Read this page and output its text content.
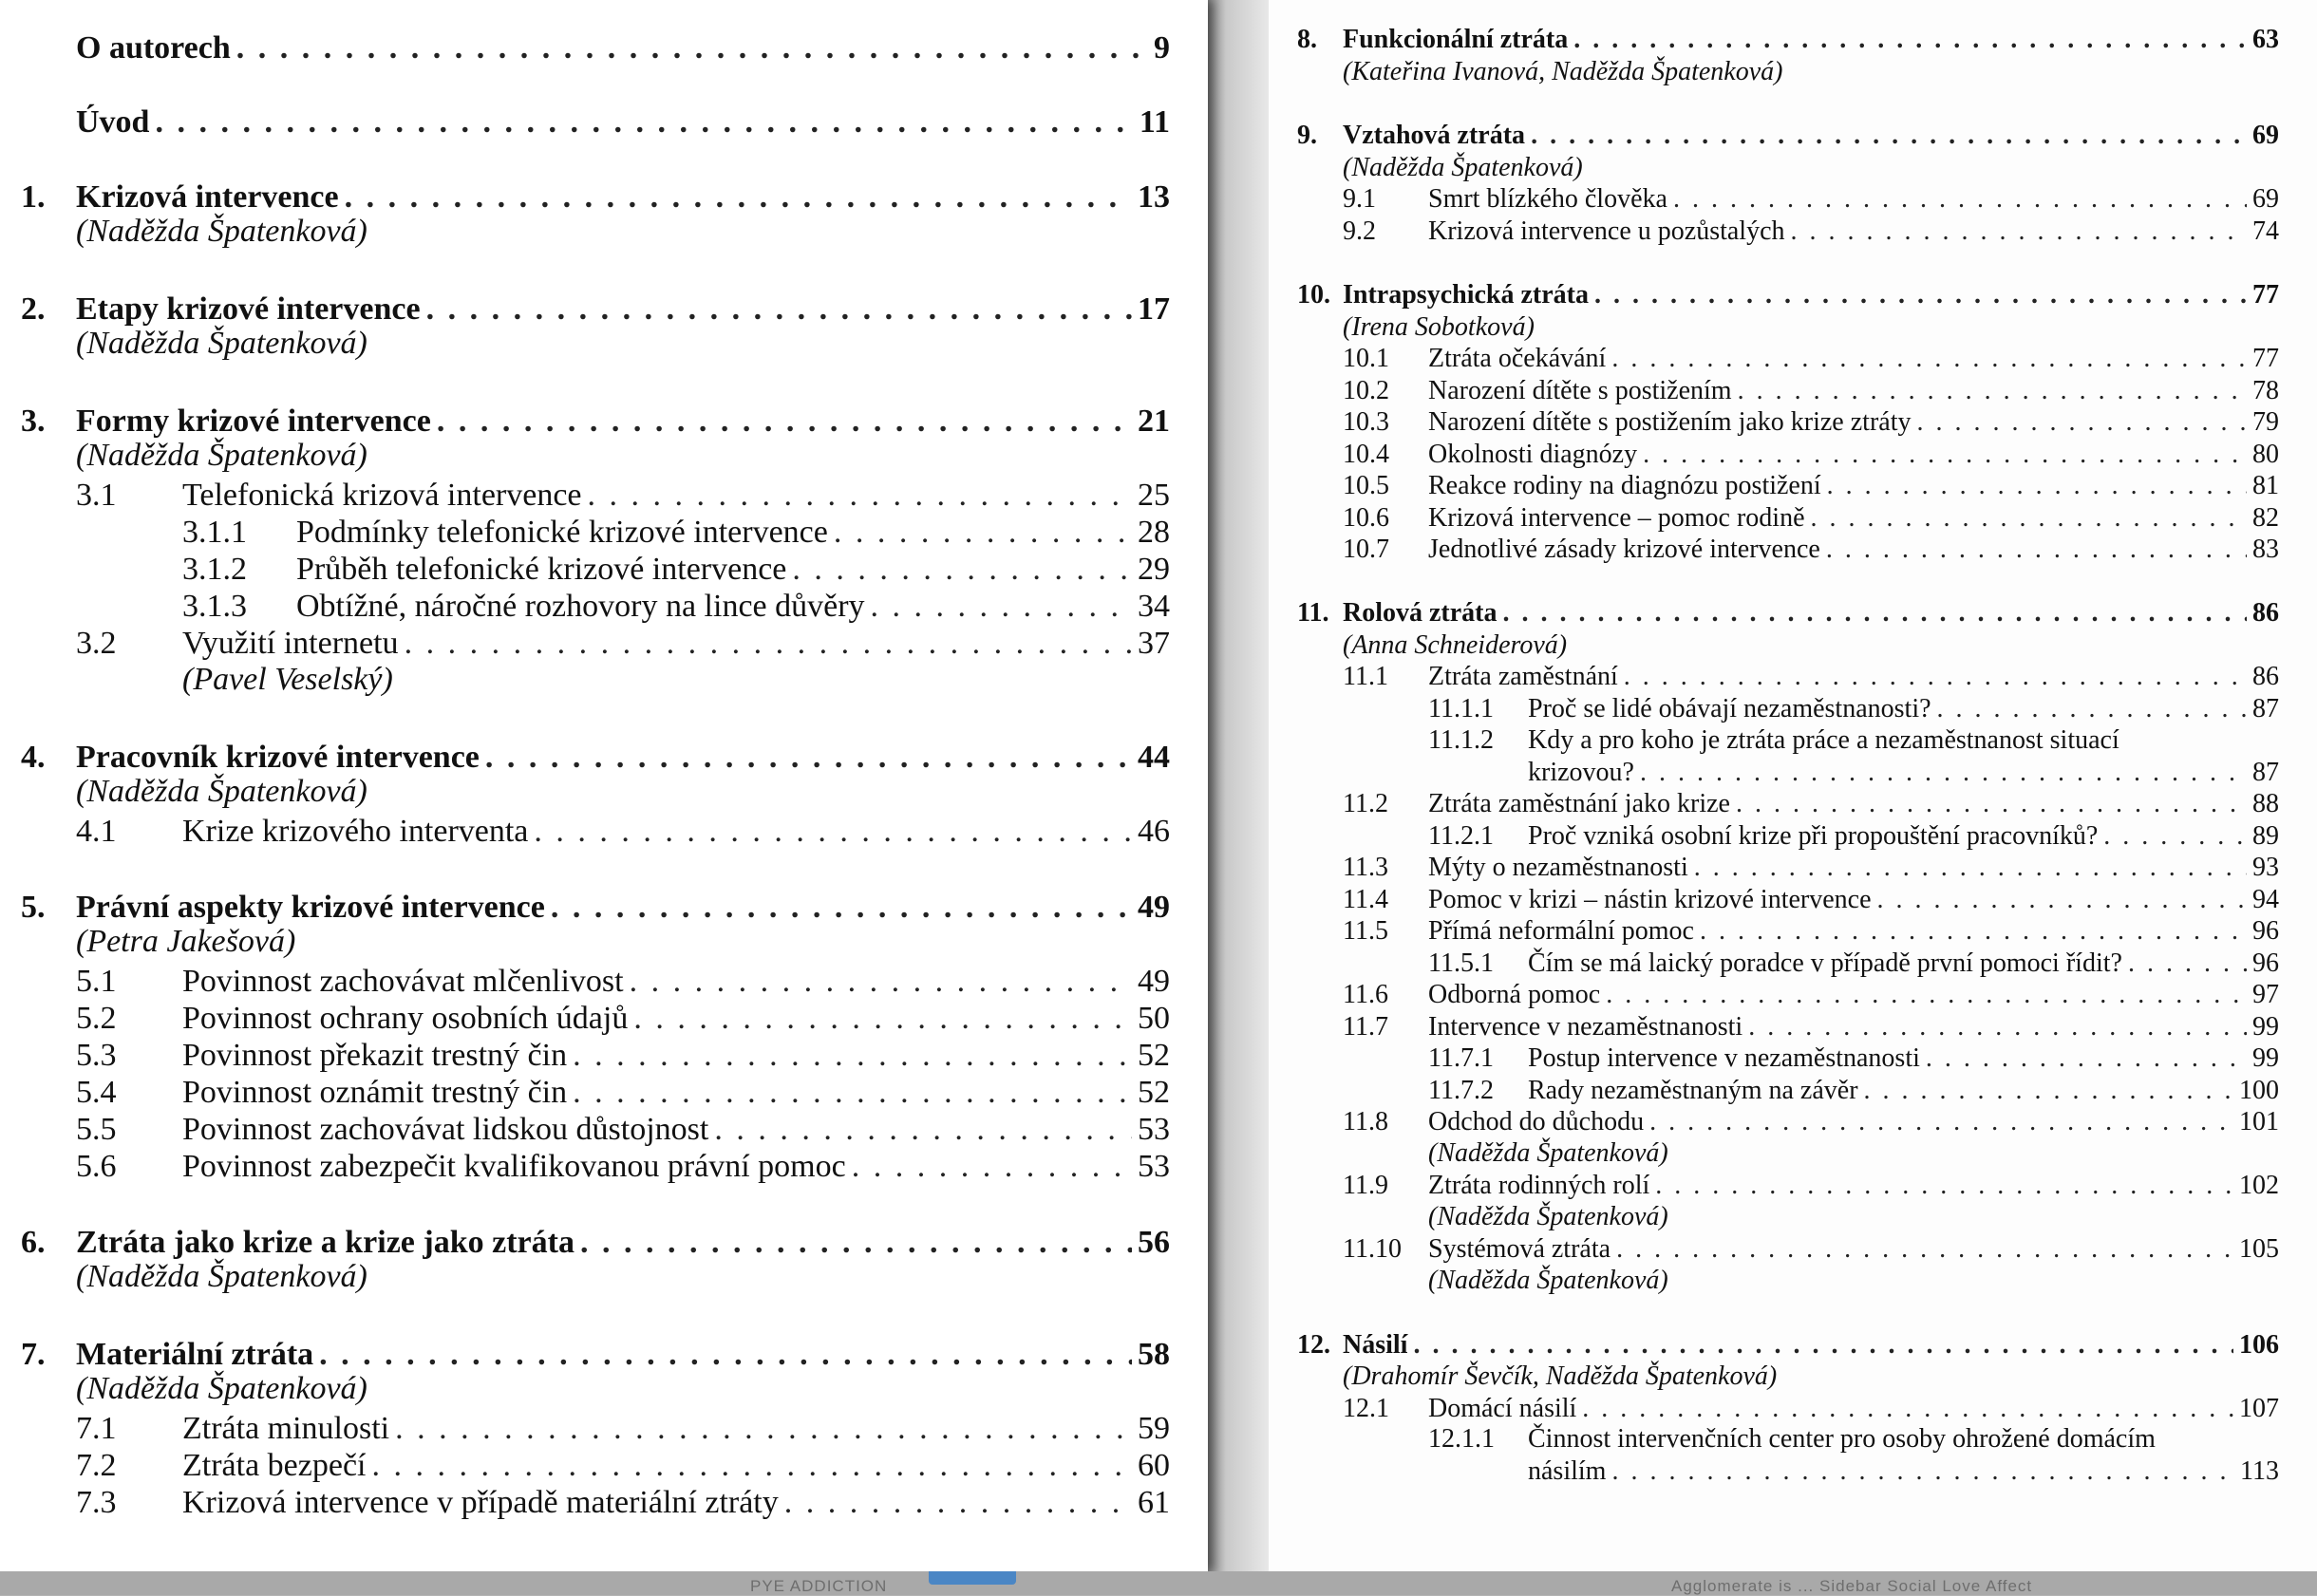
O autorech . . .	9
Úvod . . .	11
1. Krizová intervence . . .	13
(Naděžda Špatenková)
2. Etapy krizové intervence . . .	17
(Naděžda Špatenková)
3. Formy krizové intervence . . .	21
(Naděžda Špatenková)
3.1	Telefonická krizová intervence . . .	25
3.1.1	Podmínky telefonické krizové intervence . . .	28
3.1.2	Průběh telefonické krizové intervence . . .	29
3.1.3	Obtížné, náročné rozhovory na lince důvěry . . .	34
3.2	Využití internetu . . .	37
(Pavel Veselský)
4. Pracovník krizové intervence . . .	44
(Naděžda Špatenková)
4.1	Krize krizového interventa . . .	46
5. Právní aspekty krizové intervence . . .	49
(Petra Jakešová)
5.1	Povinnost zachovávat mlčenlivost . . .	49
5.2	Povinnost ochrany osobních údajů . . .	50
5.3	Povinnost překazit trestný čin . . .	52
5.4	Povinnost oznámit trestný čin . . .	52
5.5	Povinnost zachovávat lidskou důstojnost . . .	53
5.6	Povinnost zabezpečit kvalifikovanou právní pomoc . . .	53
6. Ztráta jako krize a krize jako ztráta . . .	56
(Naděžda Špatenková)
7. Materiální ztráta . . .	58
(Naděžda Špatenková)
7.1	Ztráta minulosti . . .	59
7.2	Ztráta bezpečí . . .	60
7.3	Krizová intervence v případě materiální ztráty . . .	61
8. Funkcionální ztráta . . .	63
(Kateřina Ivanová, Naděžda Špatenková)
9. Vztahová ztráta . . .	69
(Naděžda Špatenková)
9.1	Smrt blízkého člověka . . .	69
9.2	Krizová intervence u pozůstalých . . .	74
10. Intrapsychická ztráta . . .	77
(Irena Sobotková)
10.1	Ztráta očekávání . . .	77
10.2	Narození dítěte s postižením . . .	78
10.3	Narození dítěte s postižením jako krize ztráty . . .	79
10.4	Okolnosti diagnózy . . .	80
10.5	Reakce rodiny na diagnózu postižení . . .	81
10.6	Krizová intervence – pomoc rodině . . .	82
10.7	Jednotlivé zásady krizové intervence . . .	83
11. Rolová ztráta . . .	86
(Anna Schneiderová)
11.1	Ztráta zaměstnání . . .	86
11.1.1	Proč se lidé obávají nezaměstnanosti? . . .	87
11.1.2 Kdy a pro koho je ztráta práce a nezaměstnanost situací
krizovou? . . .	87
11.2	Ztráta zaměstnání jako krize . . .	88
11.2.1	Proč vzniká osobní krize při propouštění pracovníků? . . .	89
11.3	Mýty o nezaměstnanosti . . .	93
11.4	Pomoc v krizi – nástin krizové intervence . . .	94
11.5	Přímá neformální pomoc . . .	96
11.5.1	Čím se má laický poradce v případě první pomoci řídit? . . .	96
11.6	Odborná pomoc . . .	97
11.7	Intervence v nezaměstnanosti . . .	99
11.7.1	Postup intervence v nezaměstnanosti . . .	99
11.7.2	Rady nezaměstnaným na závěr . . .	100
11.8	Odchod do důchodu . . .	101
(Naděžda Špatenková)
11.9	Ztráta rodinných rolí . . .	102
(Naděžda Špatenková)
11.10	Systémová ztráta . . .	105
(Naděžda Špatenková)
12. Násilí . . .	106
(Drahomír Ševčík, Naděžda Špatenková)
12.1	Domácí násilí . . .	107
12.1.1 Činnost intervenčních center pro osoby ohrožené domácím
násilím . . .	113
PYE ADDICTION	Agglomerate is ... Sidebar Social Love Affect
